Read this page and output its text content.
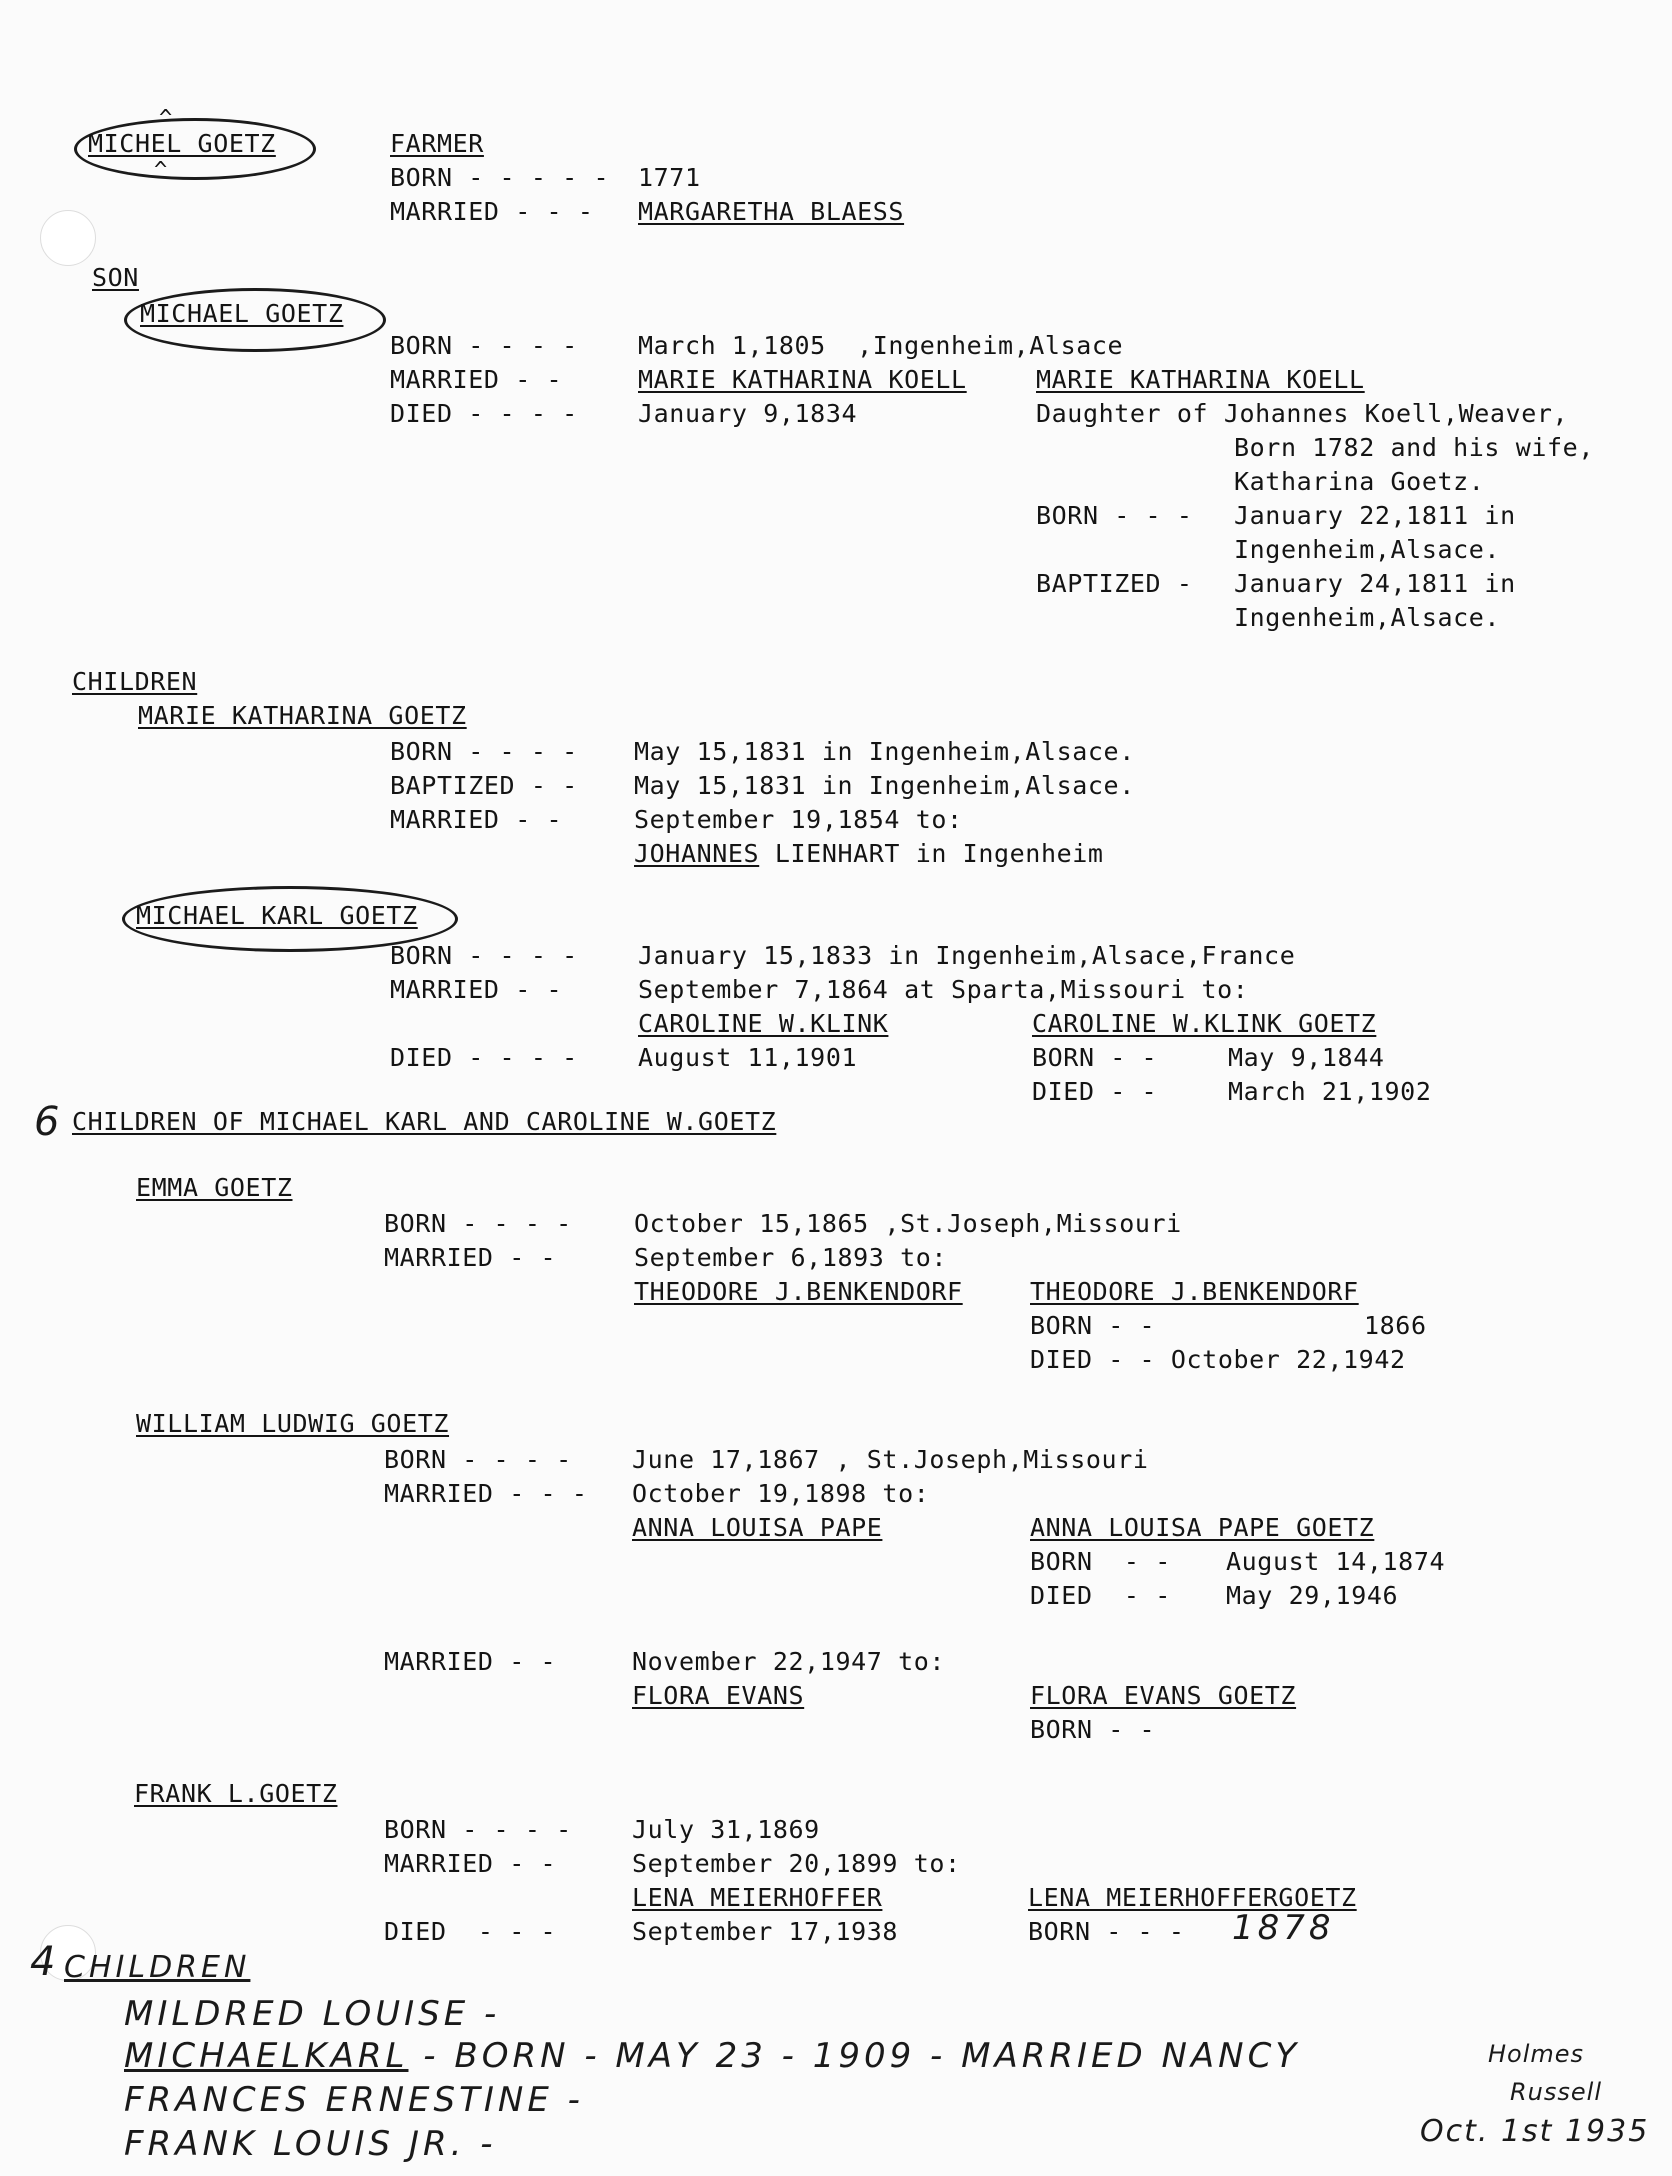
^
^
MICHEL GOETZ	FARMER
BORN - - - - - 1771
MARRIED - - - MARGARETHA BLAESS
SON
MICHAEL GOETZ
BORN - - - - March 1,1805  ,Ingenheim,Alsace
MARRIED - -	MARIE KATHARINA KOELL	MARIE KATHARINA KOELL
DIED - - - - January 9,1834	Daughter of Johannes Koell,Weaver,
Born 1782 and his wife,
Katharina Goetz.
BORN - - - January 22,1811 in
Ingenheim,Alsace.
BAPTIZED - January 24,1811 in
Ingenheim,Alsace.
CHILDREN
MARIE KATHARINA GOETZ
BORN - - - - May 15,1831 in Ingenheim,Alsace.
BAPTIZED - - May 15,1831 in Ingenheim,Alsace.
MARRIED - -	September 19,1854 to:
JOHANNES LIENHART in Ingenheim
MICHAEL KARL GOETZ
BORN - - - - January 15,1833 in Ingenheim,Alsace,France
MARRIED - -	September 7,1864 at Sparta,Missouri to:
CAROLINE W.KLINK	CAROLINE W.KLINK GOETZ
DIED - - - - August 11,1901	BORN - -	May 9,1844
DIED - -	March 21,1902
6 CHILDREN OF MICHAEL KARL AND CAROLINE W.GOETZ
EMMA GOETZ
BORN - - - - October 15,1865 ,St.Joseph,Missouri
MARRIED - -	September 6,1893 to:
THEODORE J.BENKENDORF	THEODORE J.BENKENDORF
BORN - -	1866
DIED - - October 22,1942
WILLIAM LUDWIG GOETZ
BORN - - - - June 17,1867 , St.Joseph,Missouri
MARRIED - - - October 19,1898 to:
ANNA LOUISA PAPE	ANNA LOUISA PAPE GOETZ
BORN  - - August 14,1874
DIED  - - May 29,1946
MARRIED - -	November 22,1947 to:
FLORA EVANS	FLORA EVANS GOETZ
BORN - -
FRANK L.GOETZ
BORN - - - - July 31,1869
MARRIED - -	September 20,1899 to:
LENA MEIERHOFFER	LENA MEIERHOFFERGOETZ
DIED  - - -	September 17,1938	BORN - - - 1878
4 CHILDREN
MILDRED LOUISE -
MICHAELKARL - BORN - MAY 23 - 1909 - MARRIED NANCY	Holmes
Russell
FRANCES ERNESTINE -
FRANK LOUIS JR. -	Oct. 1st 1935
